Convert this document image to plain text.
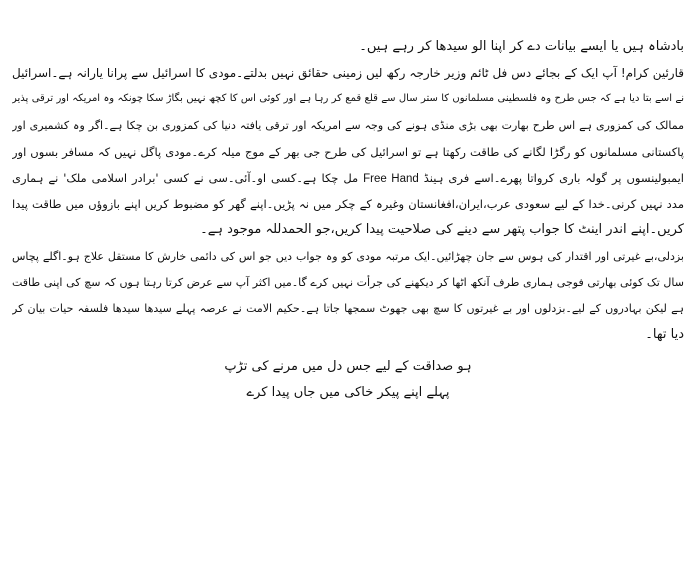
بادشاہ ہیں یا ایسے بیانات دے کر اپنا الو سیدھا کر رہے ہیں۔
قارئین کرام! آپ ایک کے بجائے دس فل ٹائم وزیر خارجہ رکھ لیں زمینی حقائق نہیں بدلتے۔مودی کا اسرائیل سے پرانا یارانہ ہے۔اسرائیل
نے اسے بتا دیا ہے کہ جس طرح وہ فلسطینی مسلمانوں کا ستر سال سے قلع قمع کر رہا ہے اور کوئی اس کا کچھ نہیں بگاڑ سکا چونکہ وہ امریکہ اور ترقی پذیر
ممالک کی کمزوری ہے اس طرح بھارت بھی بڑی منڈی ہونے کی وجہ سے امریکہ اور ترقی یافتہ دنیا کی کمزوری بن چکا ہے۔اگر وہ کشمیری اور
پاکستانی مسلمانوں کو رگڑا لگانے کی طاقت رکھتا ہے تو اسرائیل کی طرح جی بھر کے موج میلہ کرے۔مودی پاگل نہیں کہ مسافر بسوں اور
ایمبولینسوں پر گولہ باری کرواتا پھرے۔اسے فری ہینڈ Free Hand مل چکا ہے۔کسی او۔آئی۔سی نے کسی 'برادر اسلامی ملک' نے ہماری
مدد نہیں کرنی۔خدا کے لیے سعودی عرب،ایران،افغانستان وغیرہ کے چکر میں نہ پڑیں۔اپنے گھر کو مضبوط کریں اپنے بازوؤں میں طاقت پیدا
کریں۔اپنے اندر اینٹ کا جواب پتھر سے دینے کی صلاحیت پیدا کریں،جو الحمدللہ موجود ہے۔
بزدلی،بے غیرتی اور اقتدار کی ہوس سے جان چھڑائیں۔ایک مرتبہ مودی کو وہ جواب دیں جو اس کی دائمی خارش کا مستقل علاج ہو۔اگلے پچاس
سال تک کوئی بھارتی فوجی ہماری طرف آنکھ اٹھا کر دیکھنے کی جرأت نہیں کرے گا۔میں اکثر آپ سے عرض کرتا رہتا ہوں کہ سچ کی اپنی طاقت
ہے لیکن بہادروں کے لیے۔بزدلوں اور بے غیرتوں کا سچ بھی جھوٹ سمجھا جاتا ہے۔حکیم الامت نے عرصہ پہلے سیدھا سیدھا فلسفہ حیات بیان کر
دیا تھا۔
ہو صداقت کے لیے جس دل میں مرنے کی تڑپ
پہلے اپنے پیکر خاکی میں جاں پیدا کرے
